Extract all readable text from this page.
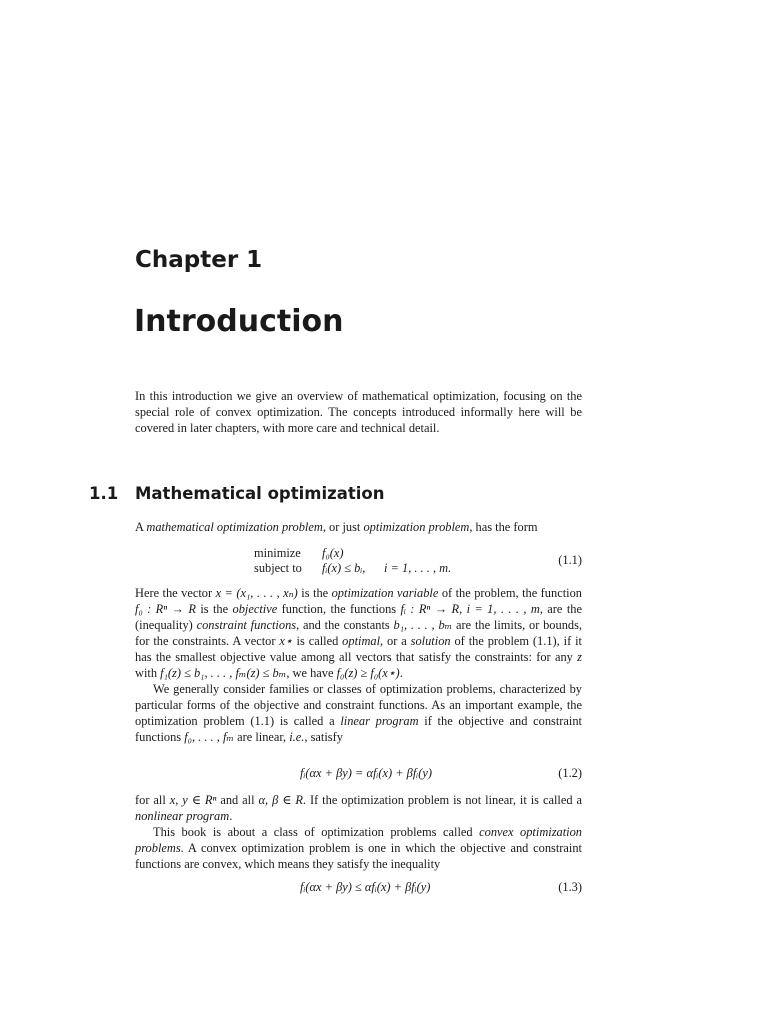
Chapter 1
Introduction

In this introduction we give an overview of mathematical optimization, focusing on the special role of convex optimization. The concepts introduced informally here will be covered in later chapters, with more care and technical detail.

1.1 Mathematical optimization

A mathematical optimization problem, or just optimization problem, has the form

minimize f₀(x)
subject to fᵢ(x) ≤ bᵢ, i = 1, . . . , m.
(1.1)

Here the vector x = (x₁, . . . , xₙ) is the optimization variable of the problem, the function f₀ : Rⁿ → R is the objective function, the functions fᵢ : Rⁿ → R, i = 1, . . . , m, are the (inequality) constraint functions, and the constants b₁, . . . , bₘ are the limits, or bounds, for the constraints. A vector x⋆ is called optimal, or a solution of the problem (1.1), if it has the smallest objective value among all vectors that satisfy the constraints: for any z with f₁(z) ≤ b₁, . . . , fₘ(z) ≤ bₘ, we have f₀(z) ≥ f₀(x⋆).

We generally consider families or classes of optimization problems, characterized by particular forms of the objective and constraint functions. As an important example, the optimization problem (1.1) is called a linear program if the objective and constraint functions f₀, . . . , fₘ are linear, i.e., satisfy

fᵢ(αx + βy) = αfᵢ(x) + βfᵢ(y)	(1.2)

for all x, y ∈ Rⁿ and all α, β ∈ R. If the optimization problem is not linear, it is called a nonlinear program.

This book is about a class of optimization problems called convex optimization problems. A convex optimization problem is one in which the objective and constraint functions are convex, which means they satisfy the inequality

fᵢ(αx + βy) ≤ αfᵢ(x) + βfᵢ(y)	(1.3)
